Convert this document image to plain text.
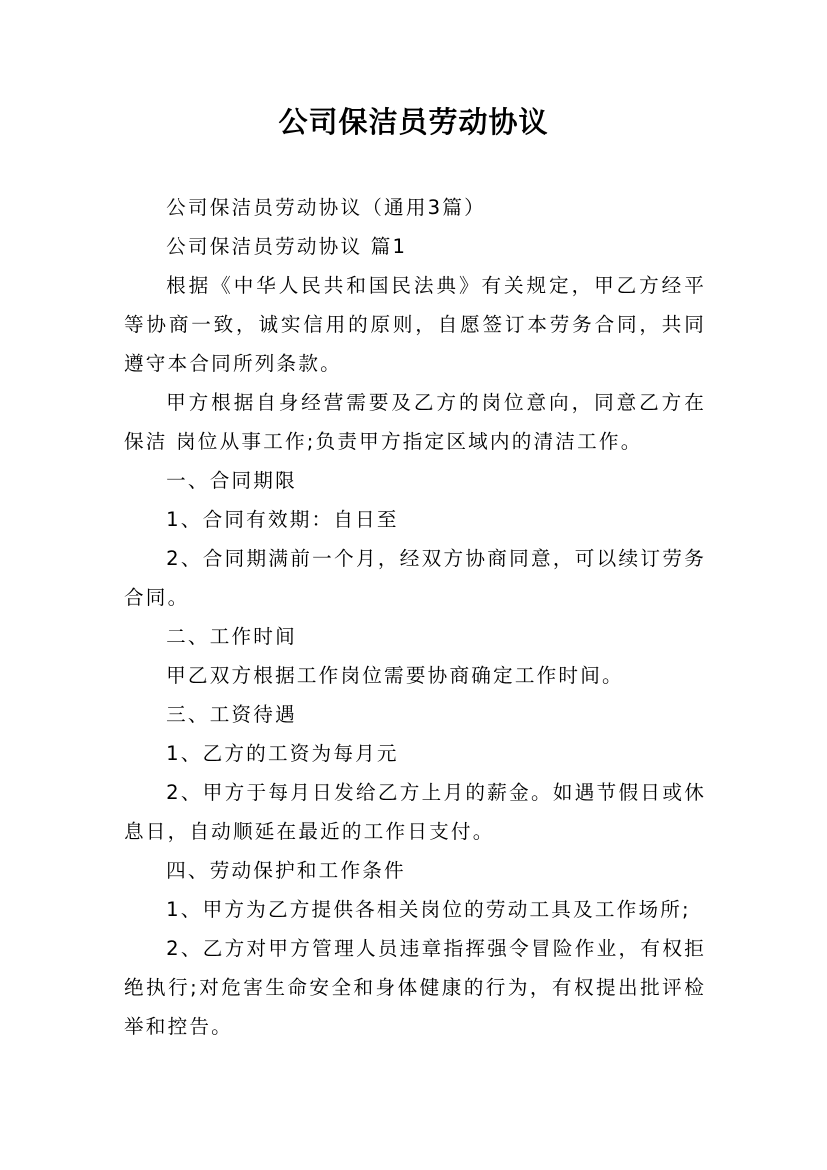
公司保洁员劳动协议

公司保洁员劳动协议（通用3篇）

公司保洁员劳动协议 篇1

根据《中华人民共和国民法典》有关规定，甲乙方经平等协商一致，诚实信用的原则，自愿签订本劳务合同，共同遵守本合同所列条款。

甲方根据自身经营需要及乙方的岗位意向，同意乙方在保洁 岗位从事工作;负责甲方指定区域内的清洁工作。

一、合同期限

1、合同有效期：自日至

2、合同期满前一个月，经双方协商同意，可以续订劳务合同。

二、工作时间

甲乙双方根据工作岗位需要协商确定工作时间。

三、工资待遇

1、乙方的工资为每月元

2、甲方于每月日发给乙方上月的薪金。如遇节假日或休息日，自动顺延在最近的工作日支付。

四、劳动保护和工作条件

1、甲方为乙方提供各相关岗位的劳动工具及工作场所;

2、乙方对甲方管理人员违章指挥强令冒险作业，有权拒绝执行;对危害生命安全和身体健康的行为，有权提出批评检举和控告。
